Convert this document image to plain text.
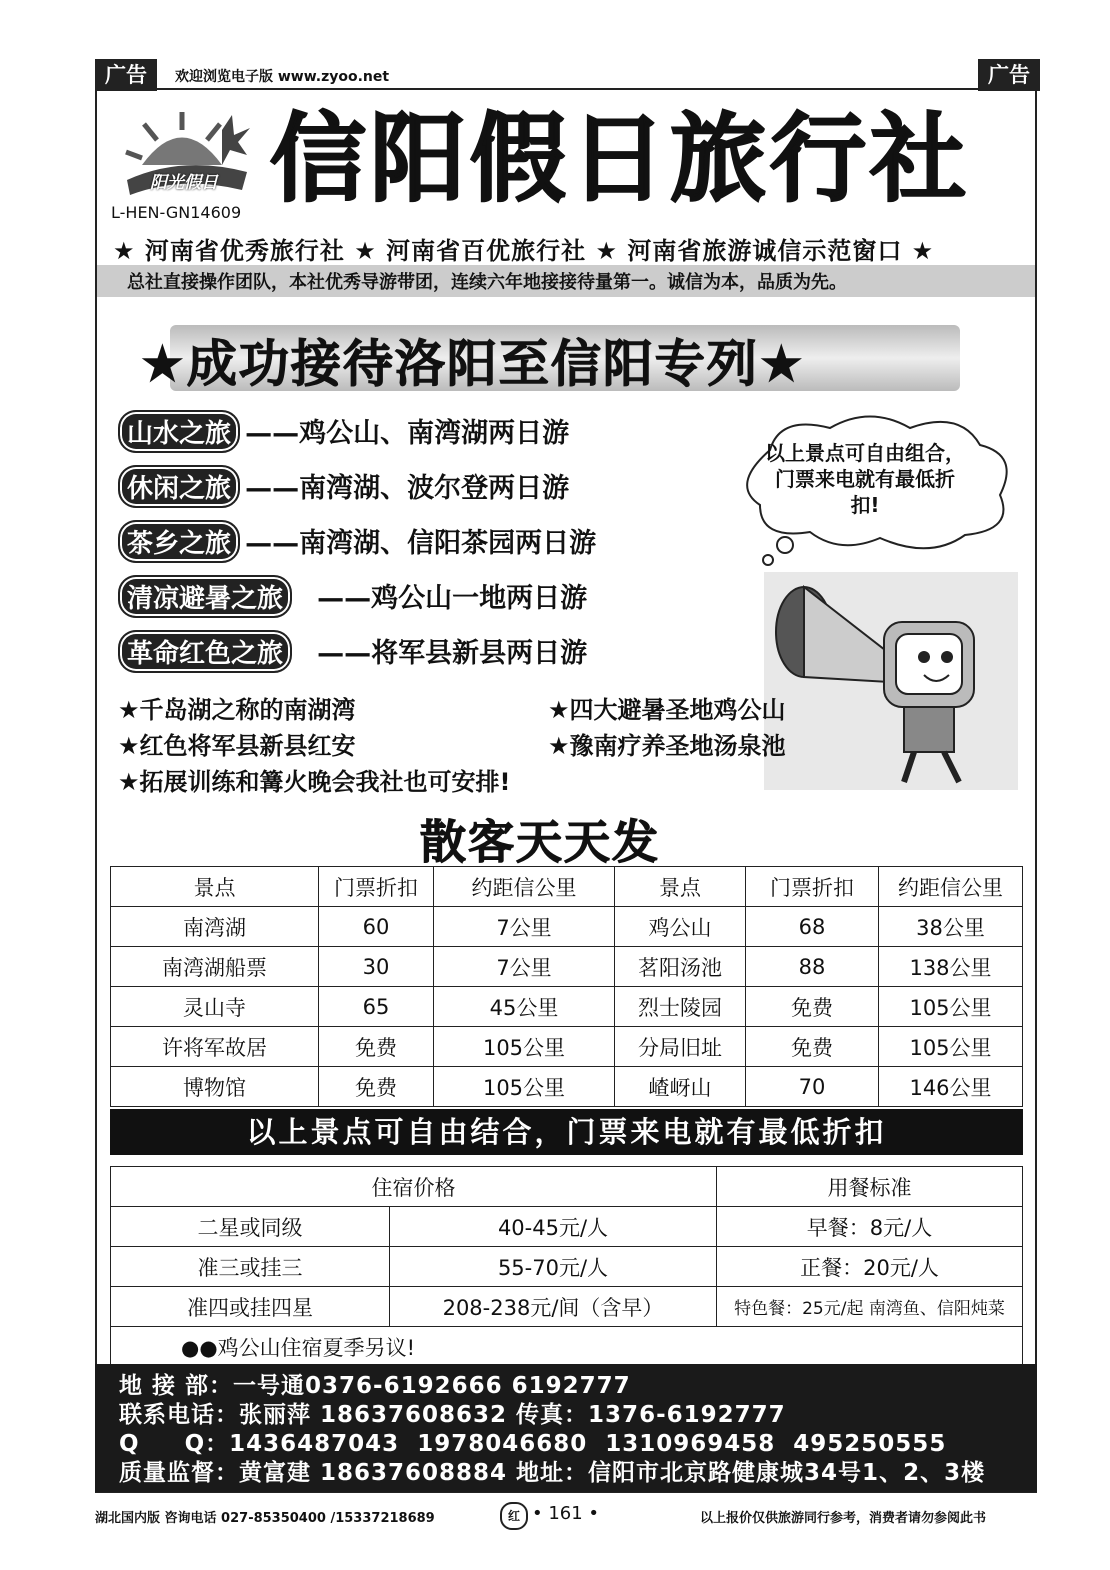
广告	欢迎浏览电子版 www.zyoo.net	广告
阳光假日
L-HEN-GN14609 信阳假日旅行社
★ 河南省优秀旅行社 ★ 河南省百优旅行社 ★ 河南省旅游诚信示范窗口 ★
总社直接操作团队，本社优秀导游带团，连续六年地接接待量第一。诚信为本，品质为先。
★成功接待洛阳至信阳专列★
山水之旅 ——鸡公山、南湾湖两日游
休闲之旅 ——南湾湖、波尔登两日游
茶乡之旅 ——南湾湖、信阳茶园两日游
清凉避暑之旅 ——鸡公山一地两日游
革命红色之旅 ——将军县新县两日游
以上景点可自由组合，门票来电就有最低折扣!
★千岛湖之称的南湖湾	★四大避暑圣地鸡公山
★红色将军县新县红安	★豫南疗养圣地汤泉池
★拓展训练和篝火晚会我社也可安排!
散客天天发
景点	门票折扣	约距信公里	景点	门票折扣	约距信公里
南湾湖	60	7公里	鸡公山	68	38公里
南湾湖船票	30	7公里	茗阳汤池	88	138公里
灵山寺	65	45公里	烈士陵园	免费	105公里
许将军故居	免费	105公里	分局旧址	免费	105公里
博物馆	免费	105公里	嵖岈山	70	146公里
以上景点可自由结合，门票来电就有最低折扣
住宿价格		用餐标准
二星或同级	40-45元/人	早餐：8元/人
准三或挂三	55-70元/人	正餐：20元/人
准四或挂四星	208-238元/间（含早）	特色餐：25元/起 南湾鱼、信阳炖菜
●●鸡公山住宿夏季另议!		
地 接 部：一号通0376-6192666 6192777
联系电话：张丽萍 18637608632 传真：1376-6192777
Q     Q：1436487043  1978046680  1310969458  495250555
质量监督：黄富建 18637608884 地址：信阳市北京路健康城34号1、2、3楼
湖北国内版 咨询电话 027-85350400 /15337218689	红 • 161 •	以上报价仅供旅游同行参考，消费者请勿参阅此书
